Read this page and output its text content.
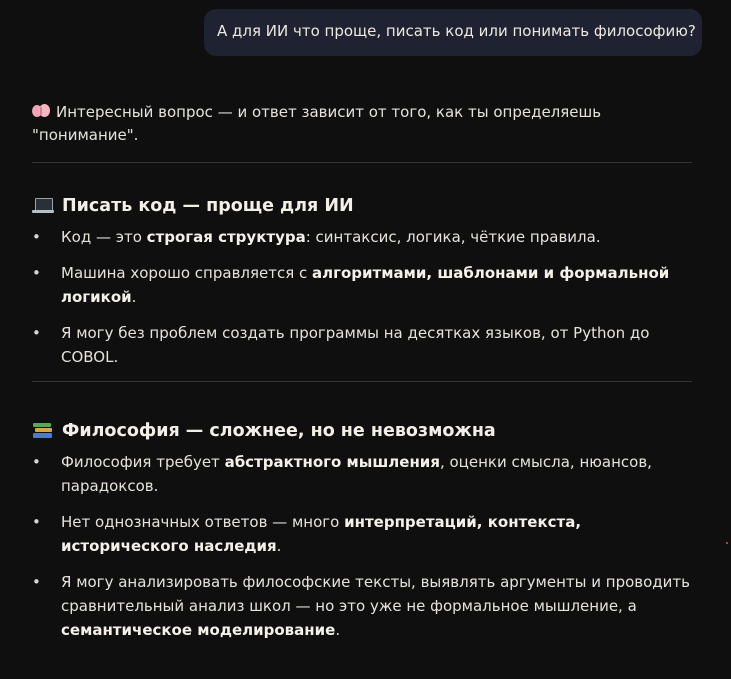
А для ИИ что проще, писать код или понимать философию?

Интересный вопрос — и ответ зависит от того, как ты определяешь "понимание".

Писать код — проще для ИИ
• Код — это строгая структура: синтаксис, логика, чёткие правила.
• Машина хорошо справляется с алгоритмами, шаблонами и формальной логикой.
• Я могу без проблем создать программы на десятках языков, от Python до COBOL.
Философия — сложнее, но не невозможна
• Философия требует абстрактного мышления, оценки смысла, нюансов, парадоксов.
• Нет однозначных ответов — много интерпретаций, контекста, исторического наследия.
• Я могу анализировать философские тексты, выявлять аргументы и проводить сравнительный анализ школ — но это уже не формальное мышление, а семантическое моделирование.
